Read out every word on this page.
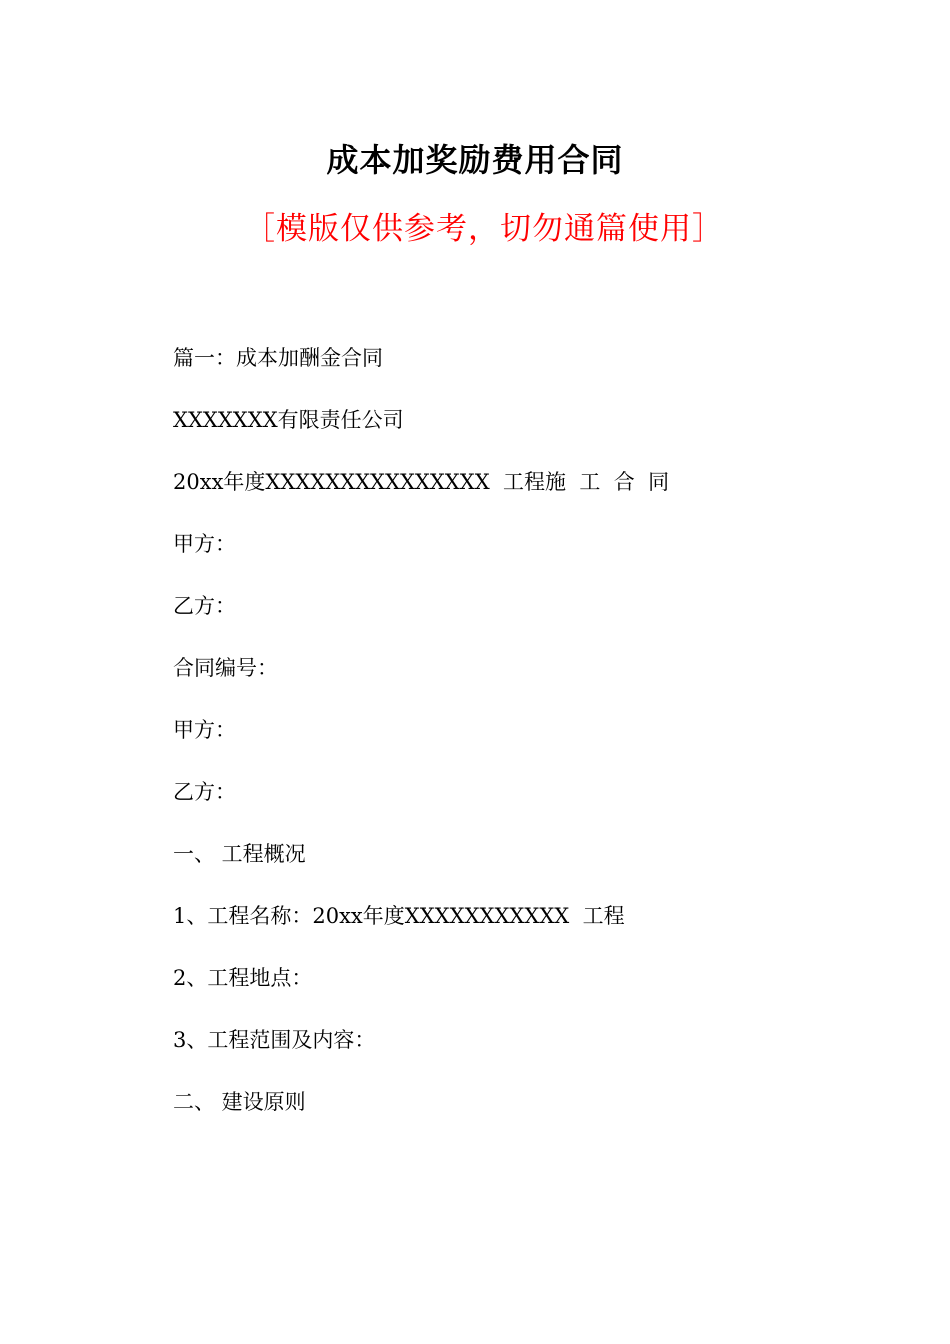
成本加奖励费用合同
［模版仅供参考，切勿通篇使用］
篇一：成本加酬金合同
XXXXXXX有限责任公司
20xx年度XXXXXXXXXXXXXXX  工程施  工  合  同
甲方：
乙方：
合同编号：
甲方：
乙方：
一、 工程概况
1、工程名称：20xx年度XXXXXXXXXXX  工程
2、工程地点：
3、工程范围及内容：
二、 建设原则
